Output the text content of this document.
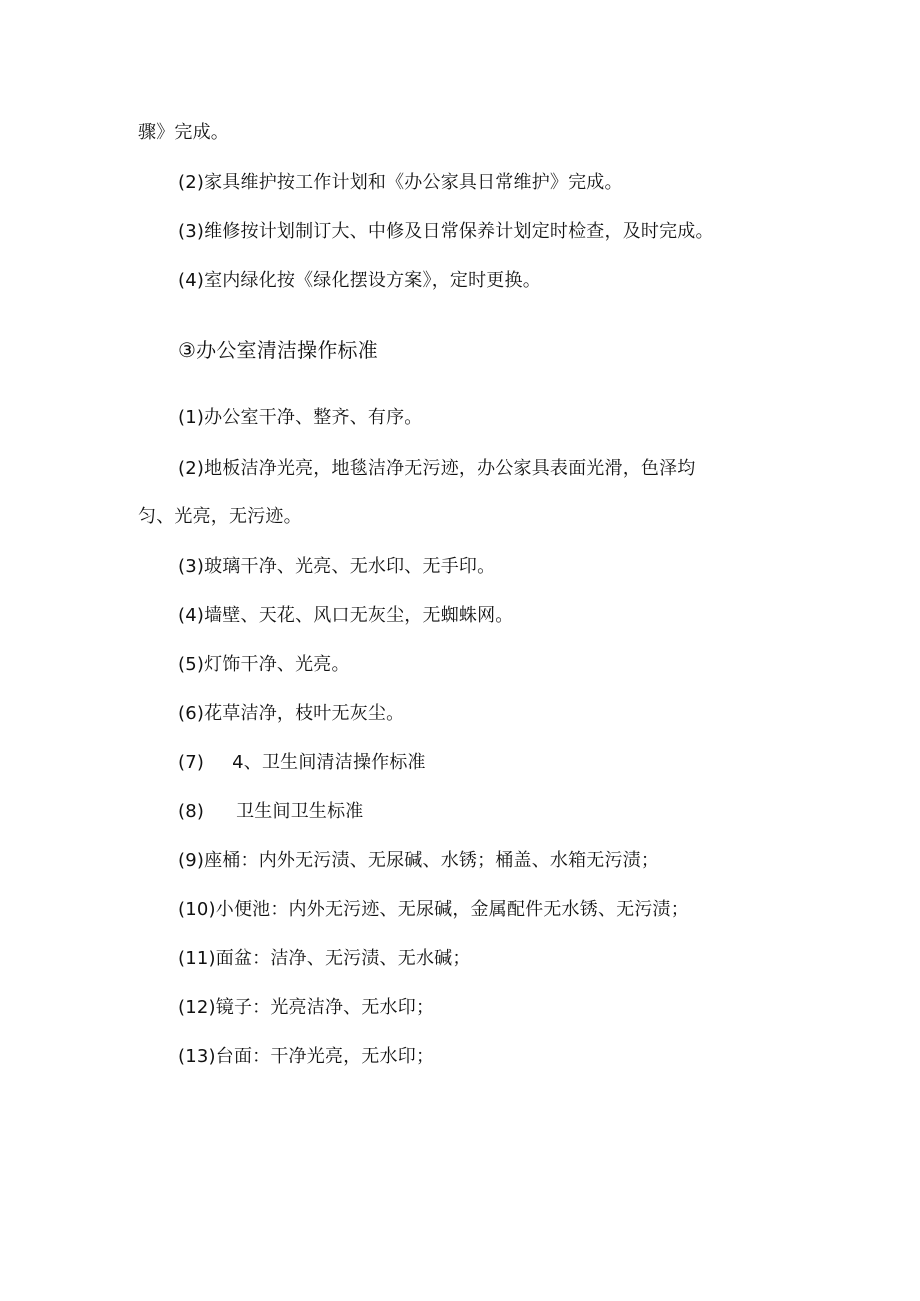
骤》完成。
(2)家具维护按工作计划和《办公家具日常维护》完成。
(3)维修按计划制订大、中修及日常保养计划定时检查，及时完成。
(4)室内绿化按《绿化摆设方案》，定时更换。
③办公室清洁操作标准
(1)办公室干净、整齐、有序。
(2)地板洁净光亮，地毯洁净无污迹，办公家具表面光滑，色泽均
匀、光亮，无污迹。
(3)玻璃干净、光亮、无水印、无手印。
(4)墙壁、天花、风口无灰尘，无蜘蛛网。
(5)灯饰干净、光亮。
(6)花草洁净，枝叶无灰尘。
(7) 4、卫生间清洁操作标准
(8) 卫生间卫生标准
(9)座桶：内外无污渍、无尿碱、水锈；桶盖、水箱无污渍；
(10)小便池：内外无污迹、无尿碱，金属配件无水锈、无污渍；
(11)面盆：洁净、无污渍、无水碱；
(12)镜子：光亮洁净、无水印；
(13)台面：干净光亮，无水印；
